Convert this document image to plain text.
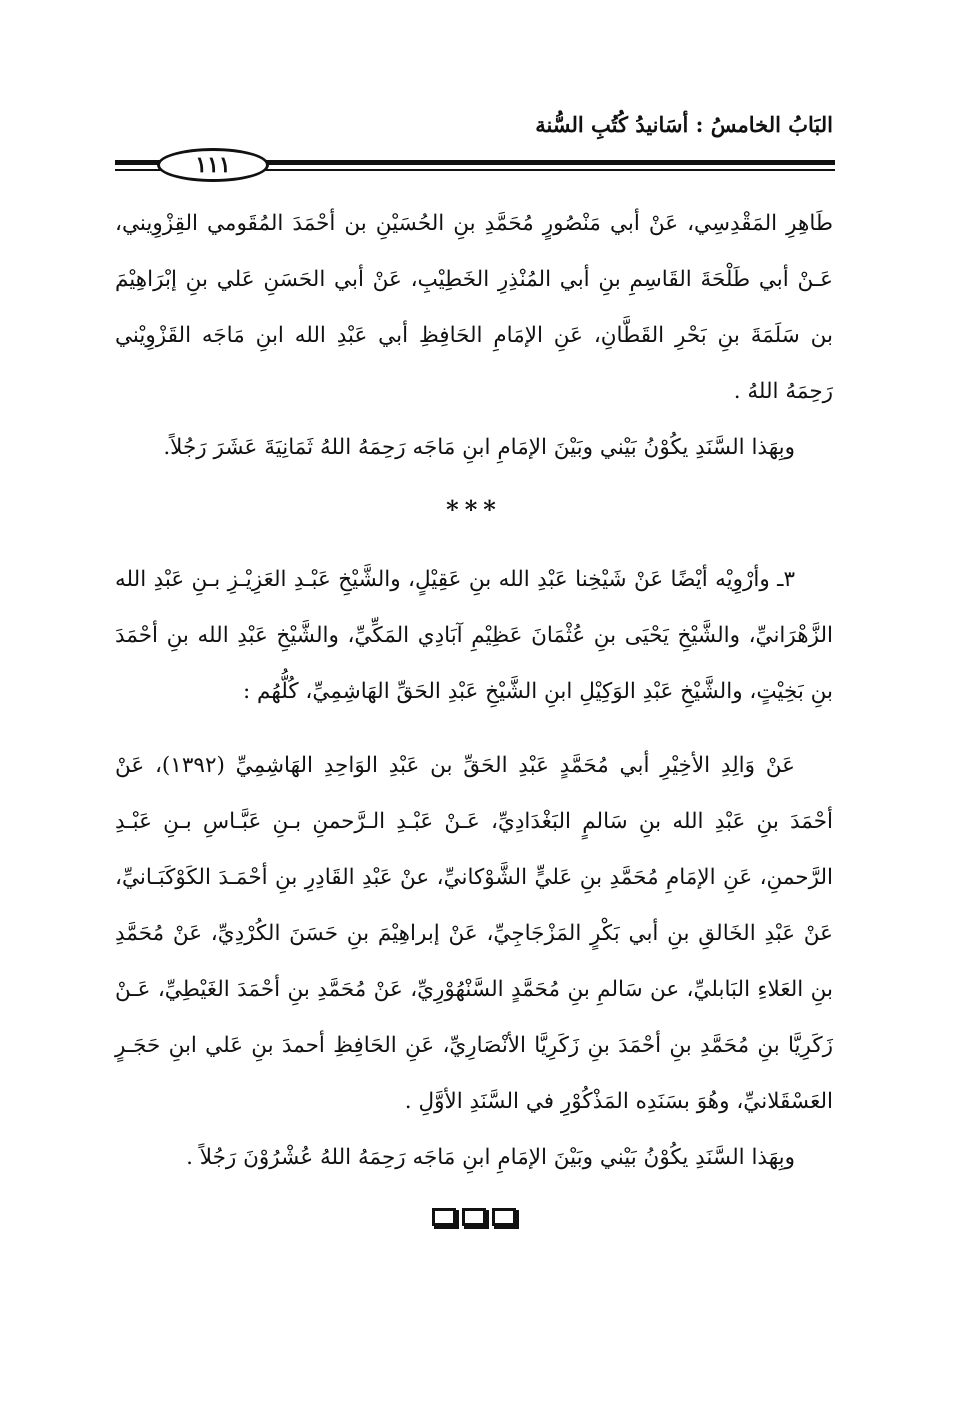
البَابُ الخامسُ : أسَانيدُ كُتُبِ السُّنة
١١١

طَاهِرِ المَقْدِسِي، عَنْ أبي مَنْصُورٍ مُحَمَّدِ بنِ الحُسَيْنِ بن أحْمَدَ المُقَومي القِزْوِيني، عَـنْ أبي طَلْحَةَ القَاسِمِ بنِ أبي المُنْذِرِ الخَطِيْبِ، عَنْ أبي الحَسَنِ عَلي بنِ إبْرَاهِيْمَ بن سَلَمَةَ بنِ بَحْرِ القَطَّانِ، عَنِ الإمَامِ الحَافِظِ أبي عَبْدِ الله ابنِ مَاجَه القَزْوِيْني رَحِمَهُ اللهُ .

وبِهَذا السَّنَدِ يكُوْنُ بَيْني وبَيْنَ الإمَامِ ابنِ مَاجَه رَحِمَهُ اللهُ ثَمَانِيَةَ عَشَرَ رَجُلاً.

***

٣ـ وأرْوِيْه أيْضًا عَنْ شَيْخِنا عَبْدِ الله بنِ عَقِيْلٍ، والشَّيْخِ عَبْـدِ العَزِيْـزِ بـنِ عَبْدِ الله الزَّهْرَانيِّ، والشَّيْخِ يَحْيَى بنِ عُثْمَانَ عَظِيْمِ آبَادِي المَكِّيِّ، والشَّيْخِ عَبْدِ الله بنِ أحْمَدَ بنِ بَخِيْتٍ، والشَّيْخِ عَبْدِ الوَكِيْلِ ابنِ الشَّيْخِ عَبْدِ الحَقِّ الهَاشِمِيِّ، كُلُّهُم :

عَنْ وَالِدِ الأخِيْرِ أبي مُحَمَّدٍ عَبْدِ الحَقِّ بن عَبْدِ الوَاحِدِ الهَاشِمِيِّ (١٣٩٢)، عَنْ أحْمَدَ بنِ عَبْدِ الله بنِ سَالمٍ البَغْدَادِيِّ، عَـنْ عَبْـدِ الـرَّحمنِ بـنِ عَبَّـاسِ بـنِ عَبْـدِ الرَّحمنِ، عَنِ الإمَامِ مُحَمَّدِ بنِ عَليٍّ الشَّوْكانيِّ، عنْ عَبْدِ القَادِرِ بنِ أحْمَـدَ الكَوْكَبَـانيِّ، عَنْ عَبْدِ الخَالقِ بنِ أبي بَكْرٍ المَزْجَاجِيِّ، عَنْ إبراهِيْمَ بنِ حَسَنَ الكُرْدِيِّ، عَنْ مُحَمَّدِ بنِ العَلاءِ البَابليِّ، عن سَالمِ بنِ مُحَمَّدٍ السَّنْهُوْرِيِّ، عَنْ مُحَمَّدِ بنِ أحْمَدَ الغَيْطِيِّ، عَـنْ زَكَرِيَّا بنِ مُحَمَّدِ بنِ أحْمَدَ بنِ زَكَرِيَّا الأنْصَارِيِّ، عَنِ الحَافِظِ أحمدَ بنِ عَلي ابنِ حَجَـرٍ العَسْقَلانيِّ، وهُوَ بسَنَدِه المَذْكُوْرِ في السَّنَدِ الأوَّلِ .

وبِهَذا السَّنَدِ يكُوْنُ بَيْني وبَيْنَ الإمَامِ ابنِ مَاجَه رَحِمَهُ اللهُ عُشْرُوْنَ رَجُلاً .
